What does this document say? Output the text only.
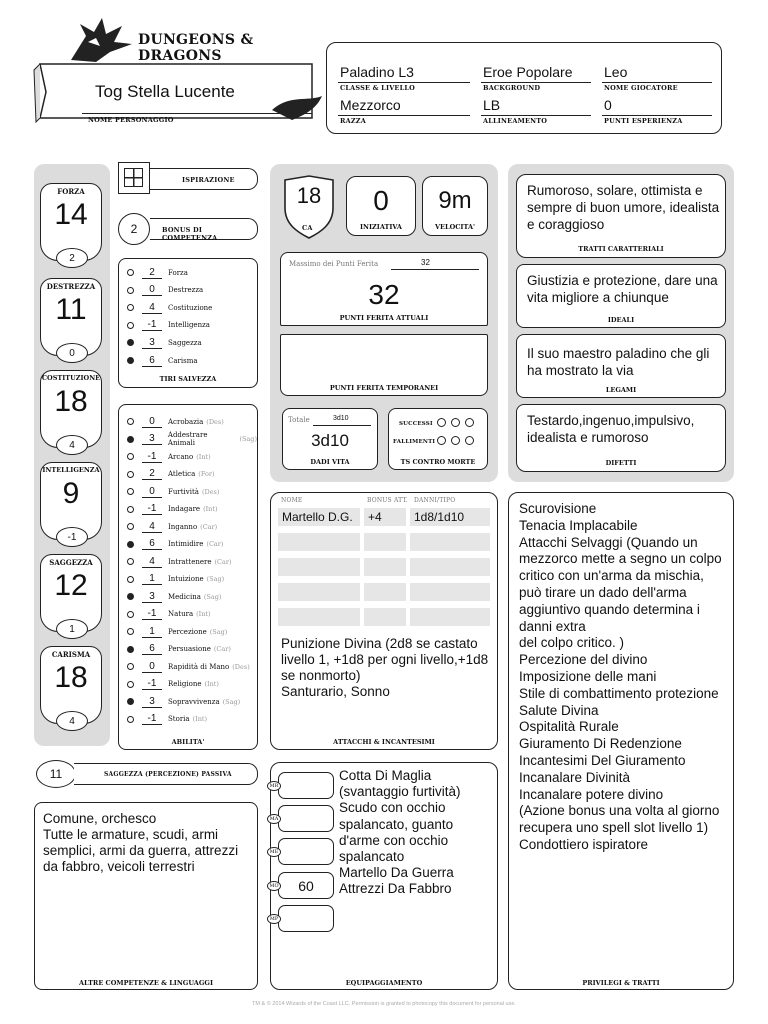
DUNGEONS & DRAGONS
Tog Stella Lucente
NOME PERSONAGGIO
Paladino L3
CLASSE & LIVELLO
Eroe Popolare
BACKGROUND
Leo
NOME GIOCATORE
Mezzorco
RAZZA
LB
ALLINEAMENTO
0
PUNTI ESPERIENZA
FORZA
14
2
DESTREZZA
11
0
COSTITUZIONE
18
4
INTELLIGENZA
9
-1
SAGGEZZA
12
1
CARISMA
18
4
ISPIRAZIONE
2	BONUS DI COMPETENZA
2	Forza
0	Destrezza
4	Costituzione
-1	Intelligenza
3	Saggezza
6	Carisma
TIRI SALVEZZA
0	Acrobazia (Des)
3	Addestrare Animali	(Sag)
-1	Arcano (Int)
2	Atletica (For)
0	Furtività (Des)
-1	Indagare (Int)
4	Inganno (Car)
6	Intimidire (Car)
4	Intrattenere (Car)
1	Intuizione (Sag)
3	Medicina (Sag)
-1	Natura (Int)
1	Percezione (Sag)
6	Persuasione (Car)
0	Rapidità di Mano (Des)
-1	Religione (Int)
3	Sopravvivenza (Sag)
-1	Storia (Int)
ABILITA'
11	SAGGEZZA (PERCEZIONE) PASSIVA
Comune, orchesco
Tutte le armature, scudi, armi semplici, armi da guerra, attrezzi da fabbro, veicoli terrestri
ALTRE COMPETENZE & LINGUAGGI
18
CA
0
INIZIATIVA
9m
VELOCITA'
Massimo dei Punti Ferita	32
32
PUNTI FERITA ATTUALI
PUNTI FERITA TEMPORANEI
Totale	3d10
3d10
DADI VITA
SUCCESSI
FALLIMENTI
TS CONTRO MORTE
NOME	BONUS ATT. DANNI/TIPO
ATTACCHI & INCANTESIMI
Martello D.G.	+4	1d8/1d10
Punizione Divina (2d8 se castato livello 1, +1d8 per ogni livello,+1d8 se nonmorto)
Santurario, Sonno
EQUIPAGGIAMENTO
MR
MA
ME
MO	60
MP
Cotta Di Maglia (svantaggio furtività)
Scudo con occhio spalancato, guanto d'arme con occhio spalancato
Martello Da Guerra
Attrezzi Da Fabbro
Rumoroso, solare, ottimista e sempre di buon umore, idealista e coraggioso
TRATTI CARATTERIALI
Giustizia e protezione, dare una vita migliore a chiunque
IDEALI
Il suo maestro paladino che gli ha mostrato la via
LEGAMI
Testardo,ingenuo,impulsivo, idealista e rumoroso
DIFETTI
Scurovisione
Tenacia Implacabile
Attacchi Selvaggi (Quando un mezzorco mette a segno un colpo critico con un'arma da mischia, può tirare un dado dell'arma aggiuntivo quando determina i danni extra
del colpo critico. )
Percezione del divino
Imposizione delle mani
Stile di combattimento protezione
Salute Divina
Ospitalità Rurale
Giuramento Di Redenzione
Incantesimi Del Giuramento
Incanalare Divinità
Incanalare potere divino
(Azione bonus una volta al giorno recupera uno spell slot livello 1)
Condottiero ispiratore
PRIVILEGI & TRATTI
TM & © 2014 Wizards of the Coast LLC. Permission is granted to photocopy this document for personal use.
